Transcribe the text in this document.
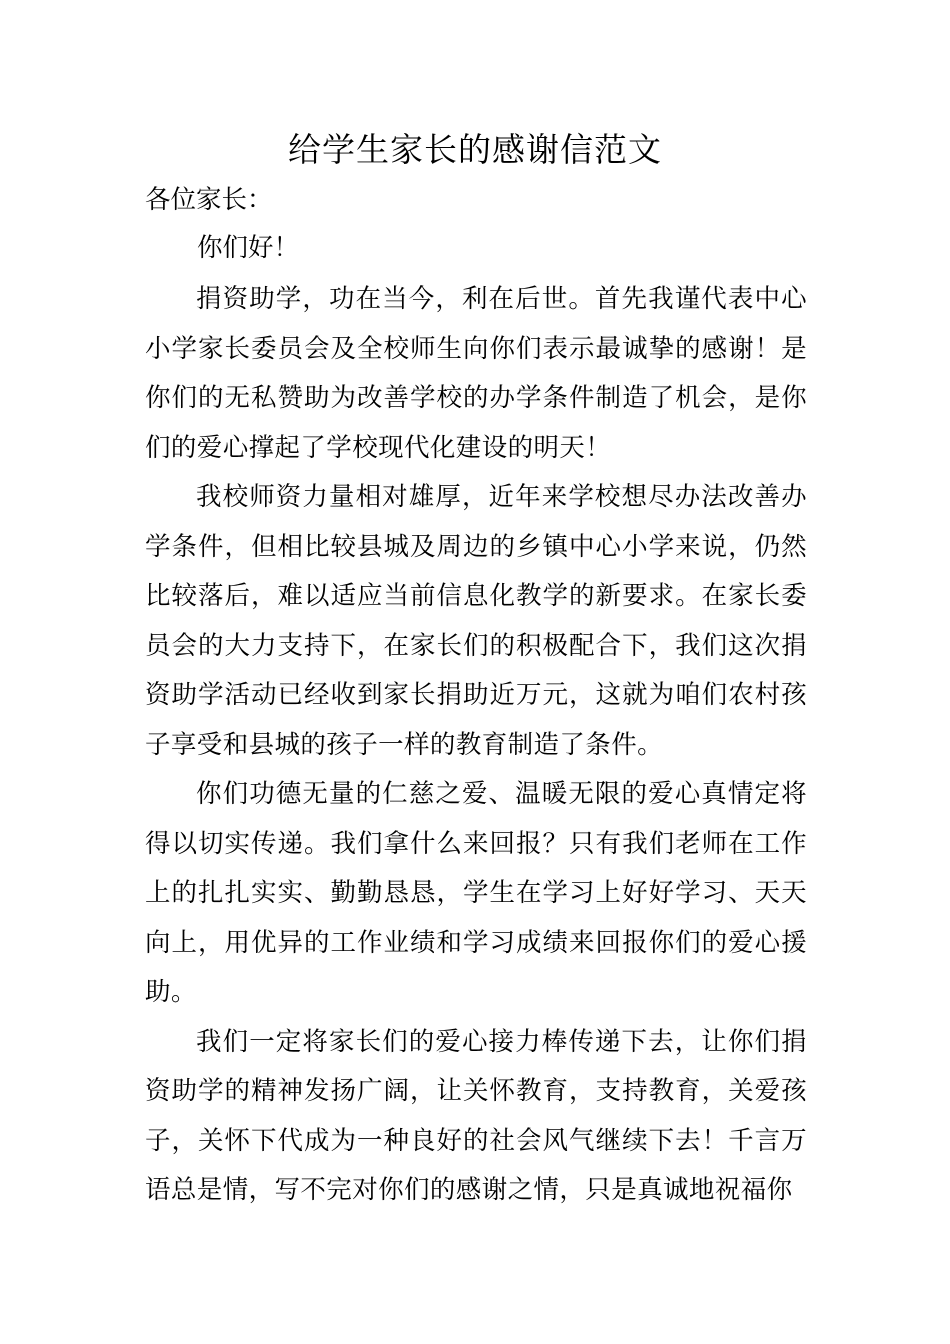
给学生家长的感谢信范文
各位家长：
你们好！

捐资助学，功在当今，利在后世。首先我谨代表中心小学家长委员会及全校师生向你们表示最诚挚的感谢！是你们的无私赞助为改善学校的办学条件制造了机会，是你们的爱心撑起了学校现代化建设的明天！

我校师资力量相对雄厚，近年来学校想尽办法改善办学条件，但相比较县城及周边的乡镇中心小学来说，仍然比较落后，难以适应当前信息化教学的新要求。在家长委员会的大力支持下，在家长们的积极配合下，我们这次捐资助学活动已经收到家长捐助近万元，这就为咱们农村孩子享受和县城的孩子一样的教育制造了条件。

你们功德无量的仁慈之爱、温暖无限的爱心真情定将得以切实传递。我们拿什么来回报？只有我们老师在工作上的扎扎实实、勤勤恳恳，学生在学习上好好学习、天天向上，用优异的工作业绩和学习成绩来回报你们的爱心援助。

我们一定将家长们的爱心接力棒传递下去，让你们捐资助学的精神发扬广阔，让关怀教育，支持教育，关爱孩子，关怀下代成为一种良好的社会风气继续下去！千言万语总是情，写不完对你们的感谢之情，只是真诚地祝福你
